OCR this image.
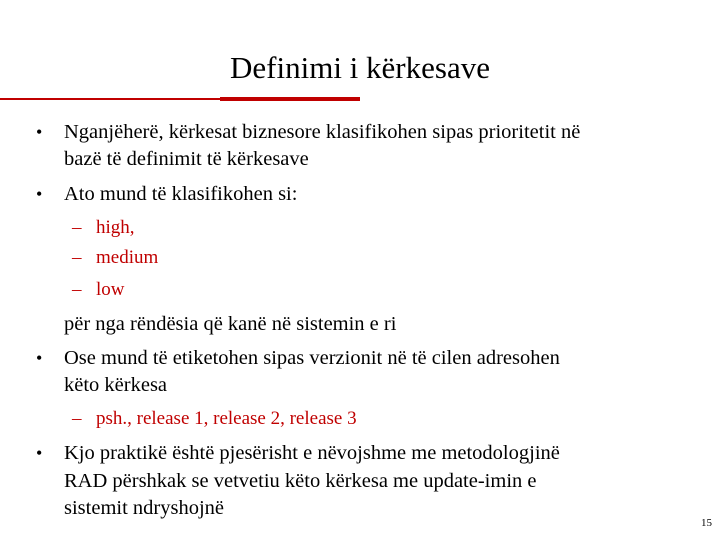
Definimi i kërkesave
• Nganjëherë, kërkesat biznesore klasifikohen sipas prioritetit në
bazë të definimit të kërkesave
• Ato mund të klasifikohen si:
– high,
– medium
– low
për nga rëndësia që kanë në sistemin e ri
• Ose mund të etiketohen sipas verzionit në të cilen adresohen
këto kërkesa
– psh., release 1, release 2, release 3
• Kjo praktikë është pjesërisht e nëvojshme me metodologjinë
RAD përshkak se vetvetiu këto kërkesa me update-imin e
sistemit ndryshojnë
15
